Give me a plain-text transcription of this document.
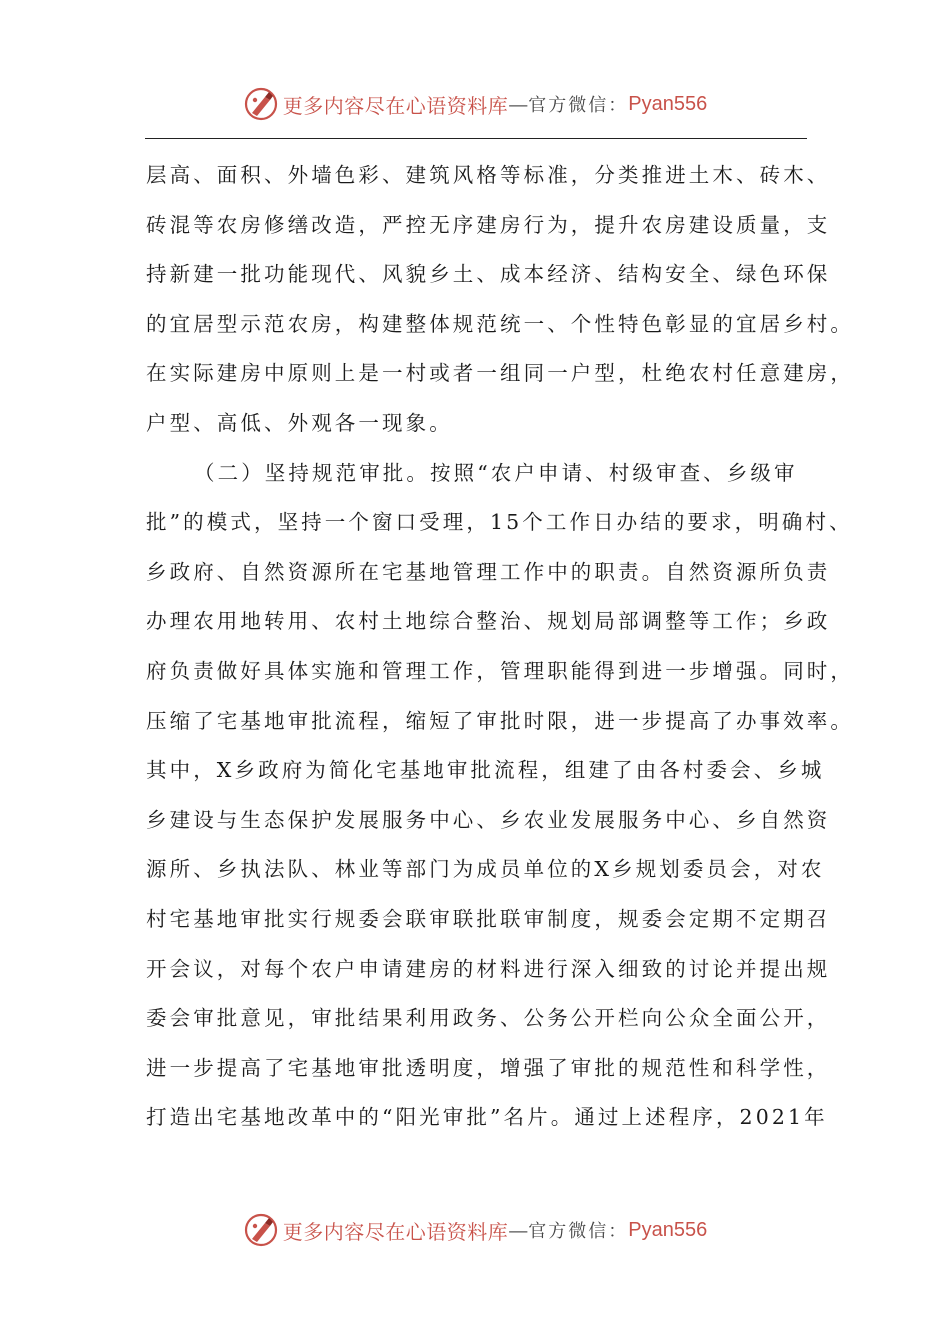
更多内容尽在心语资料库 — 官方微信： Pyan556
层高、面积、外墙色彩、建筑风格等标准，分类推进土木、砖木、
砖混等农房修缮改造，严控无序建房行为，提升农房建设质量，支
持新建一批功能现代、风貌乡土、成本经济、结构安全、绿色环保
的宜居型示范农房，构建整体规范统一、个性特色彰显的宜居乡村。
在实际建房中原则上是一村或者一组同一户型，杜绝农村任意建房，
户型、高低、外观各一现象。
（二）坚持规范审批。按照“农户申请、村级审查、乡级审
批”的模式，坚持一个窗口受理，15个工作日办结的要求，明确村、
乡政府、自然资源所在宅基地管理工作中的职责。自然资源所负责
办理农用地转用、农村土地综合整治、规划局部调整等工作；乡政
府负责做好具体实施和管理工作，管理职能得到进一步增强。同时，
压缩了宅基地审批流程，缩短了审批时限，进一步提高了办事效率。
其中，X乡政府为简化宅基地审批流程，组建了由各村委会、乡城
乡建设与生态保护发展服务中心、乡农业发展服务中心、乡自然资
源所、乡执法队、林业等部门为成员单位的X乡规划委员会，对农
村宅基地审批实行规委会联审联批联审制度，规委会定期不定期召
开会议，对每个农户申请建房的材料进行深入细致的讨论并提出规
委会审批意见，审批结果利用政务、公务公开栏向公众全面公开，
进一步提高了宅基地审批透明度，增强了审批的规范性和科学性，
打造出宅基地改革中的“阳光审批”名片。通过上述程序，2021年
更多内容尽在心语资料库 — 官方微信： Pyan556
